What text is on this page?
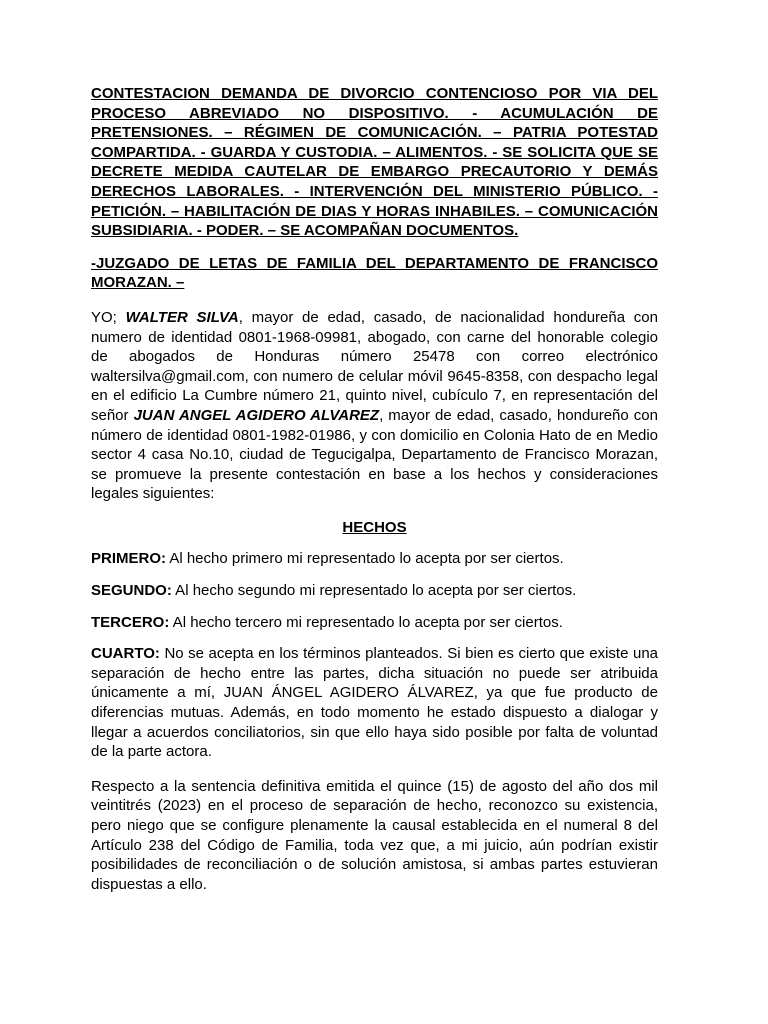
CONTESTACION DEMANDA DE DIVORCIO CONTENCIOSO POR VIA DEL PROCESO ABREVIADO NO DISPOSITIVO. - ACUMULACIÓN DE PRETENSIONES. – RÉGIMEN DE COMUNICACIÓN. – PATRIA POTESTAD COMPARTIDA. - GUARDA Y CUSTODIA. – ALIMENTOS. - SE SOLICITA QUE SE DECRETE MEDIDA CAUTELAR DE EMBARGO PRECAUTORIO Y DEMÁS DERECHOS LABORALES. - INTERVENCIÓN DEL MINISTERIO PÚBLICO. - PETICIÓN. – HABILITACIÓN DE DIAS Y HORAS INHABILES. – COMUNICACIÓN SUBSIDIARIA. - PODER. – SE ACOMPAÑAN DOCUMENTOS.

-JUZGADO DE LETAS DE FAMILIA DEL DEPARTAMENTO DE FRANCISCO MORAZAN. –

YO; WALTER SILVA, mayor de edad, casado, de nacionalidad hondureña con numero de identidad 0801-1968-09981, abogado, con carne del honorable colegio de abogados de Honduras número 25478 con correo electrónico waltersilva@gmail.com, con numero de celular móvil 9645-8358, con despacho legal en el edificio La Cumbre número 21, quinto nivel, cubículo 7, en representación del señor JUAN ANGEL AGIDERO ALVAREZ, mayor de edad, casado, hondureño con número de identidad 0801-1982-01986, y con domicilio en Colonia Hato de en Medio sector 4 casa No.10, ciudad de Tegucigalpa, Departamento de Francisco Morazan, se promueve la presente contestación en base a los hechos y consideraciones legales siguientes:

HECHOS

PRIMERO: Al hecho primero mi representado lo acepta por ser ciertos.

SEGUNDO: Al hecho segundo mi representado lo acepta por ser ciertos.

TERCERO: Al hecho tercero mi representado lo acepta por ser ciertos.

CUARTO: No se acepta en los términos planteados. Si bien es cierto que existe una separación de hecho entre las partes, dicha situación no puede ser atribuida únicamente a mí, JUAN ÁNGEL AGIDERO ÁLVAREZ, ya que fue producto de diferencias mutuas. Además, en todo momento he estado dispuesto a dialogar y llegar a acuerdos conciliatorios, sin que ello haya sido posible por falta de voluntad de la parte actora.

Respecto a la sentencia definitiva emitida el quince (15) de agosto del año dos mil veintitrés (2023) en el proceso de separación de hecho, reconozco su existencia, pero niego que se configure plenamente la causal establecida en el numeral 8 del Artículo 238 del Código de Familia, toda vez que, a mi juicio, aún podrían existir posibilidades de reconciliación o de solución amistosa, si ambas partes estuvieran dispuestas a ello.
